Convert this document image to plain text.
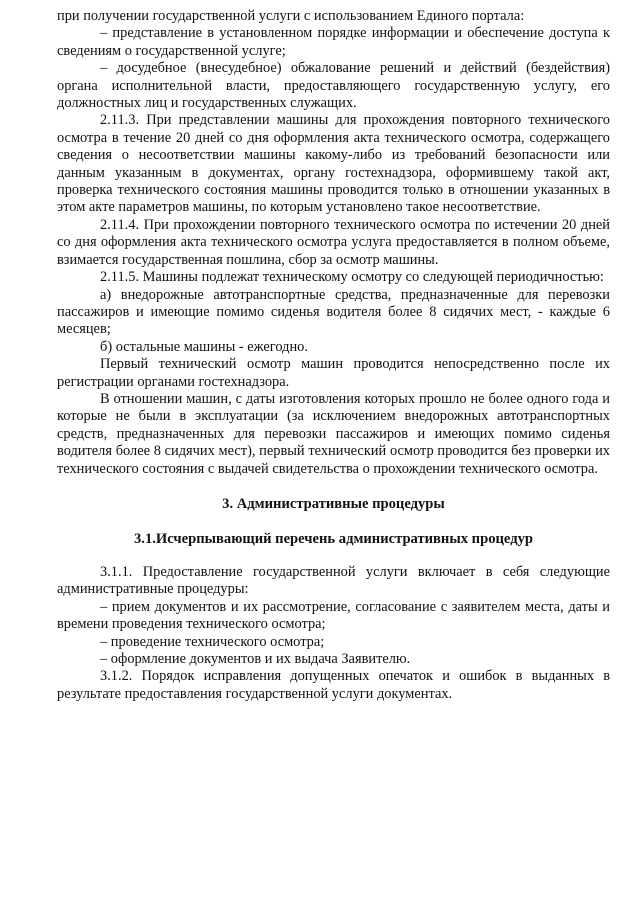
при получении государственной услуги с использованием Единого портала:

– представление в установленном порядке информации и обеспечение доступа к сведениям о государственной услуге;

– досудебное (внесудебное) обжалование решений и действий (бездействия) органа исполнительной власти, предоставляющего государственную услугу, его должностных лиц и государственных служащих.

2.11.3. При представлении машины для прохождения повторного технического осмотра в течение 20 дней со дня оформления акта технического осмотра, содержащего сведения о несоответствии машины какому-либо из требований безопасности или данным указанным в документах, органу гостехнадзора, оформившему такой акт, проверка технического состояния машины проводится только в отношении указанных в этом акте параметров машины, по которым установлено такое несоответствие.

2.11.4. При прохождении повторного технического осмотра по истечении 20 дней со дня оформления акта технического осмотра услуга предоставляется в полном объеме, взимается государственная пошлина, сбор за осмотр машины.

2.11.5. Машины подлежат техническому осмотру со следующей периодичностью:

а) внедорожные автотранспортные средства, предназначенные для перевозки пассажиров и имеющие помимо сиденья водителя более 8 сидячих мест, - каждые 6 месяцев;

б) остальные машины - ежегодно.

Первый технический осмотр машин проводится непосредственно после их регистрации органами гостехнадзора.

В отношении машин, с даты изготовления которых прошло не более одного года и которые не были в эксплуатации (за исключением внедорожных автотранспортных средств, предназначенных для перевозки пассажиров и имеющих помимо сиденья водителя более 8 сидячих мест), первый технический осмотр проводится без проверки их технического состояния с выдачей свидетельства о прохождении технического осмотра.

3. Административные процедуры
3.1.Исчерпывающий перечень административных процедур

3.1.1. Предоставление государственной услуги включает в себя следующие административные процедуры:

– прием документов и их рассмотрение, согласование с заявителем места, даты и времени проведения технического осмотра;

– проведение технического осмотра;

– оформление документов и их выдача Заявителю.

3.1.2. Порядок исправления допущенных опечаток и ошибок в выданных в результате предоставления государственной услуги документах.
